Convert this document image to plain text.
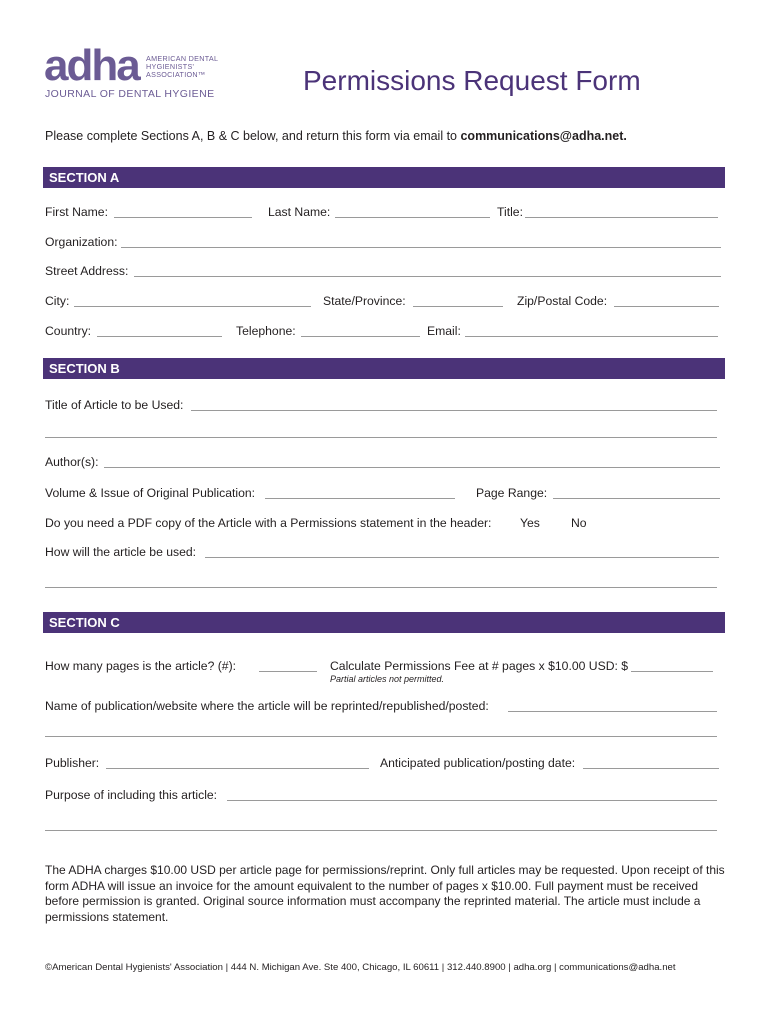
adha AMERICAN DENTAL HYGIENISTS' ASSOCIATION™
JOURNAL OF DENTAL HYGIENE	Permissions Request Form
Please complete Sections A, B & C below, and return this form via email to communications@adha.net.
SECTION A
First Name:	Last Name:	Title:
Organization:
Street Address:
City:	State/Province:	Zip/Postal Code:
Country:	Telephone:	Email:
SECTION B
Title of Article to be Used:
Author(s):
Volume & Issue of Original Publication:	Page Range:
Do you need a PDF copy of the Article with a Permissions statement in the header: Yes	No
How will the article be used:
SECTION C
How many pages is the article? (#):	Calculate Permissions Fee at # pages x $10.00 USD: $
Partial articles not permitted.
Name of publication/website where the article will be reprinted/republished/posted:
Publisher:	Anticipated publication/posting date:
Purpose of including this article:
The ADHA charges $10.00 USD per article page for permissions/reprint. Only full articles may be requested. Upon receipt of this form ADHA will issue an invoice for the amount equivalent to the number of pages x $10.00. Full payment must be received before permission is granted. Original source information must accompany the reprinted material. The article must include a permissions statement.
©American Dental Hygienists' Association | 444 N. Michigan Ave. Ste 400, Chicago, IL 60611 | 312.440.8900 | adha.org | communications@adha.net
